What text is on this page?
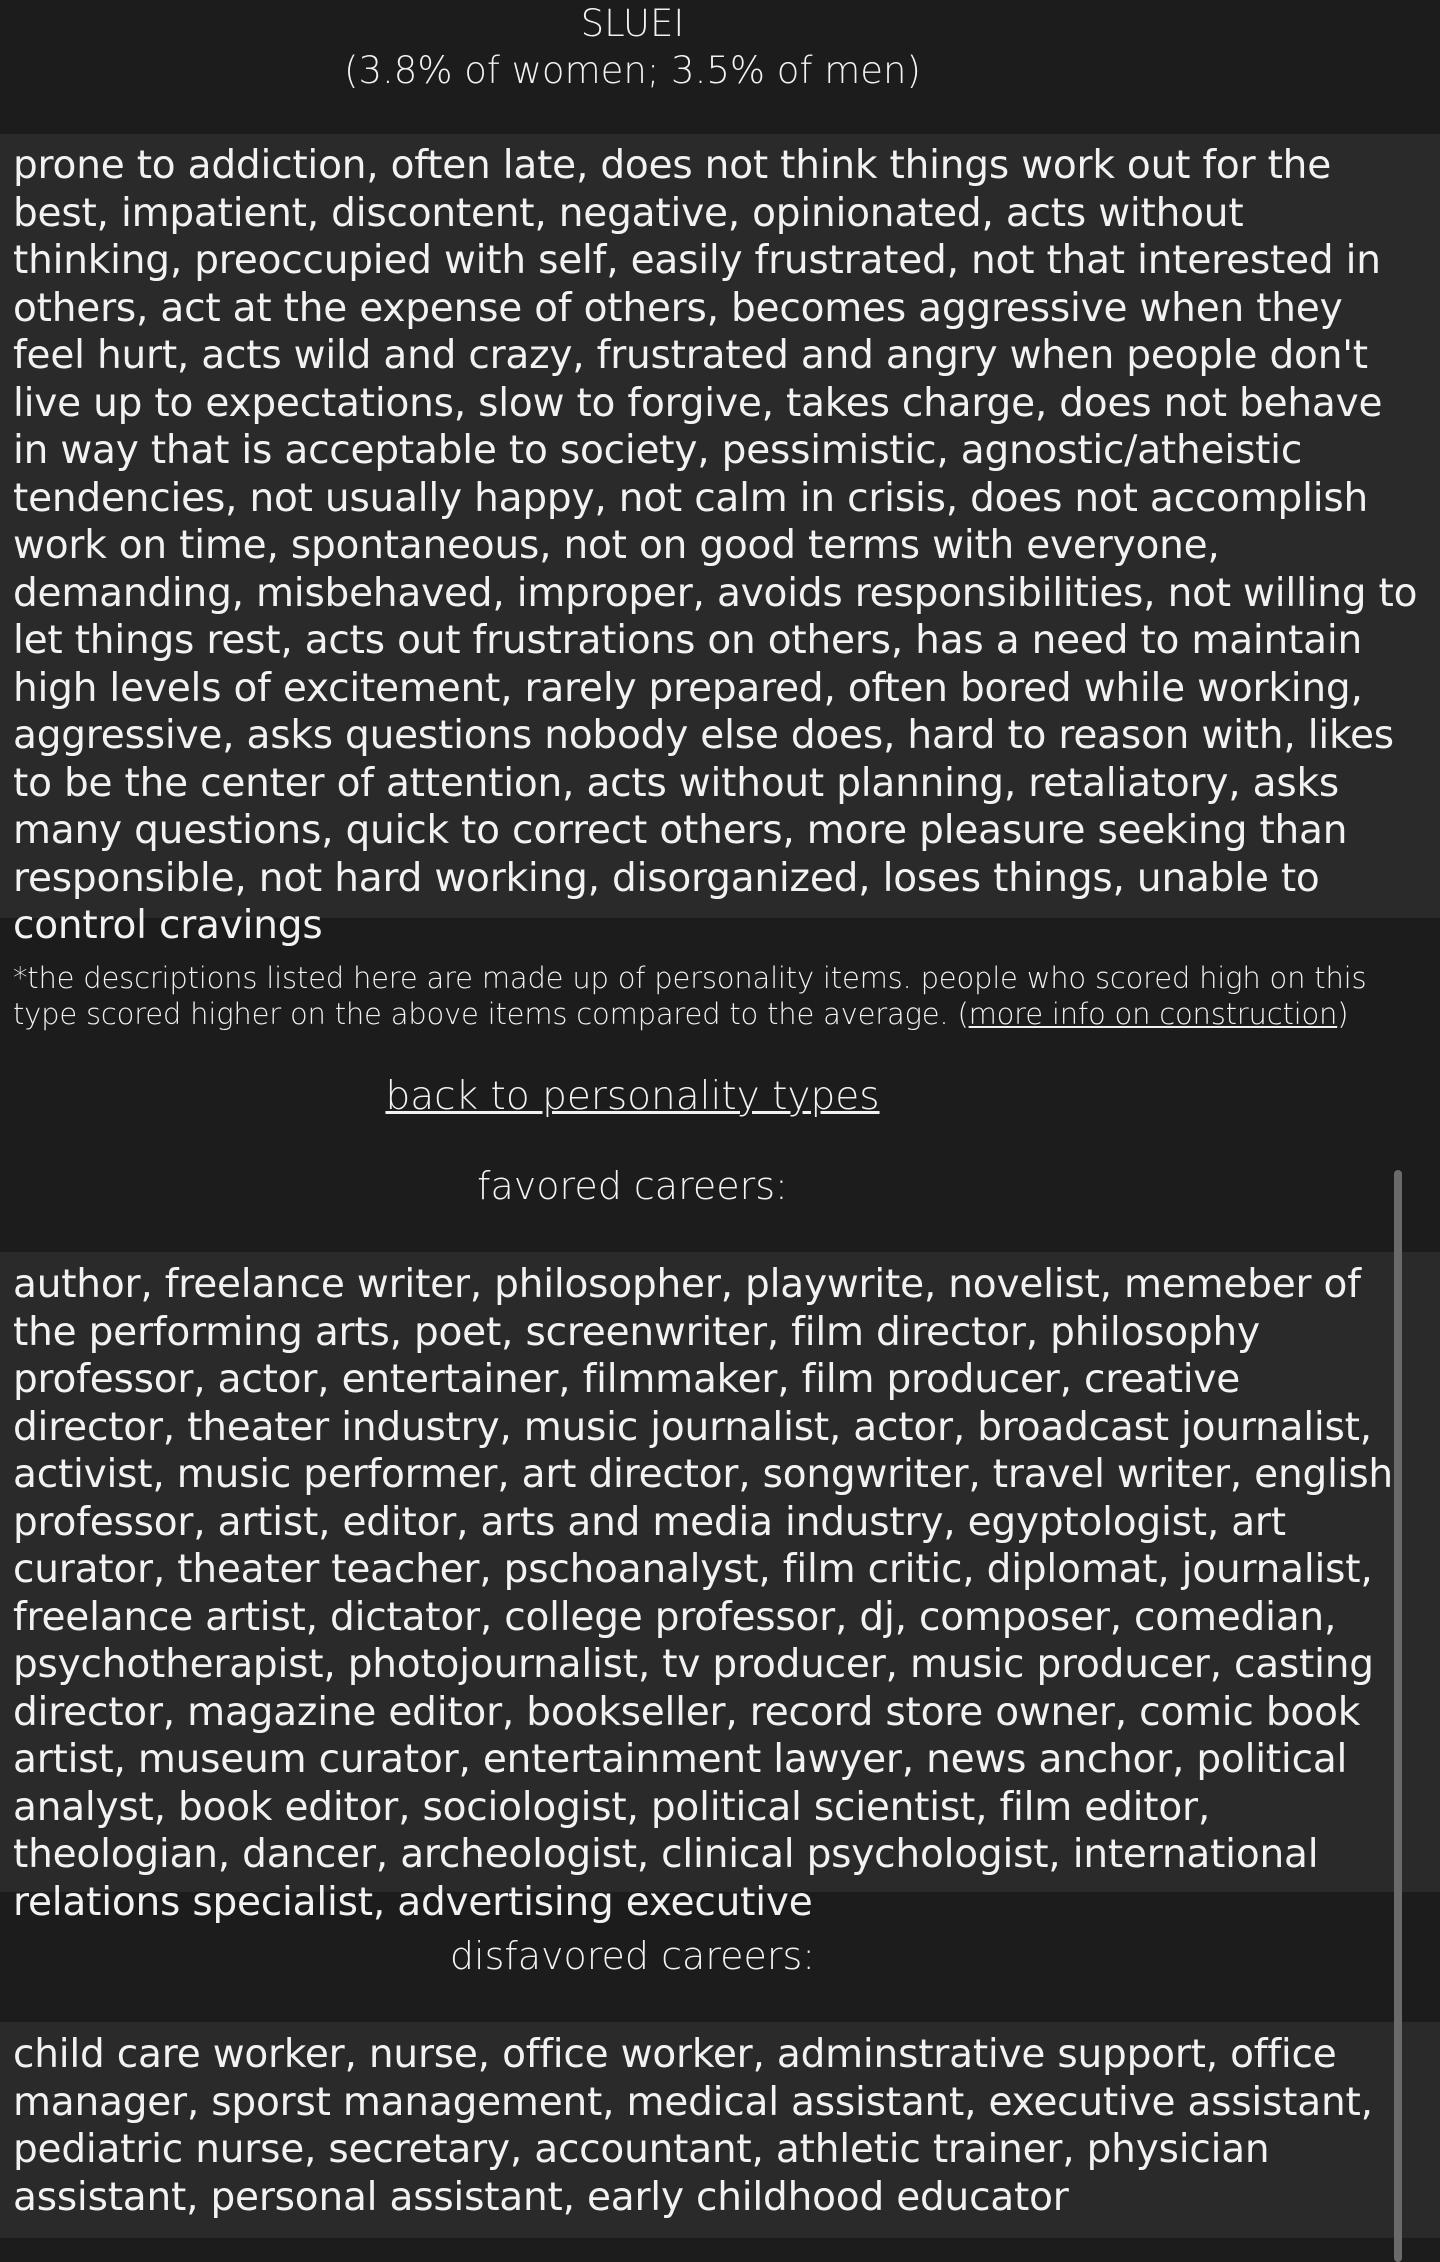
SLUEI
(3.8% of women; 3.5% of men)

prone to addiction, often late, does not think things work out for the best, impatient, discontent, negative, opinionated, acts without thinking, preoccupied with self, easily frustrated, not that interested in others, act at the expense of others, becomes aggressive when they feel hurt, acts wild and crazy, frustrated and angry when people don't live up to expectations, slow to forgive, takes charge, does not behave in way that is acceptable to society, pessimistic, agnostic/atheistic tendencies, not usually happy, not calm in crisis, does not accomplish work on time, spontaneous, not on good terms with everyone, demanding, misbehaved, improper, avoids responsibilities, not willing to let things rest, acts out frustrations on others, has a need to maintain high levels of excitement, rarely prepared, often bored while working, aggressive, asks questions nobody else does, hard to reason with, likes to be the center of attention, acts without planning, retaliatory, asks many questions, quick to correct others, more pleasure seeking than responsible, not hard working, disorganized, loses things, unable to control cravings

*the descriptions listed here are made up of personality items. people who scored high on this type scored higher on the above items compared to the average. (more info on construction)
back to personality types
favored careers:

author, freelance writer, philosopher, playwrite, novelist, memeber of the performing arts, poet, screenwriter, film director, philosophy professor, actor, entertainer, filmmaker, film producer, creative director, theater industry, music journalist, actor, broadcast journalist, activist, music performer, art director, songwriter, travel writer, english professor, artist, editor, arts and media industry, egyptologist, art curator, theater teacher, pschoanalyst, film critic, diplomat, journalist, freelance artist, dictator, college professor, dj, composer, comedian, psychotherapist, photojournalist, tv producer, music producer, casting director, magazine editor, bookseller, record store owner, comic book artist, museum curator, entertainment lawyer, news anchor, political analyst, book editor, sociologist, political scientist, film editor, theologian, dancer, archeologist, clinical psychologist, international relations specialist, advertising executive

disfavored careers:

child care worker, nurse, office worker, adminstrative support, office manager, sporst management, medical assistant, executive assistant, pediatric nurse, secretary, accountant, athletic trainer, physician assistant, personal assistant, early childhood educator
